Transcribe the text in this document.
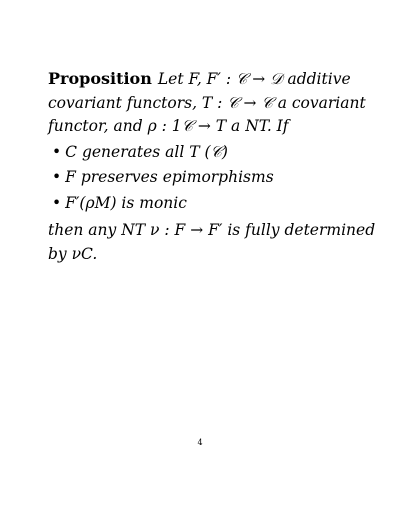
Proposition Let F, F′ : 𝒞 → 𝒟 additive
covariant functors, T : 𝒞 → 𝒞 a covariant
functor, and ρ : 1𝒞 → T a NT. If
• C generates all T (𝒞)
• F preserves epimorphisms
• F′(ρM) is monic
then any NT ν : F → F′ is fully determined
by νC.
4
